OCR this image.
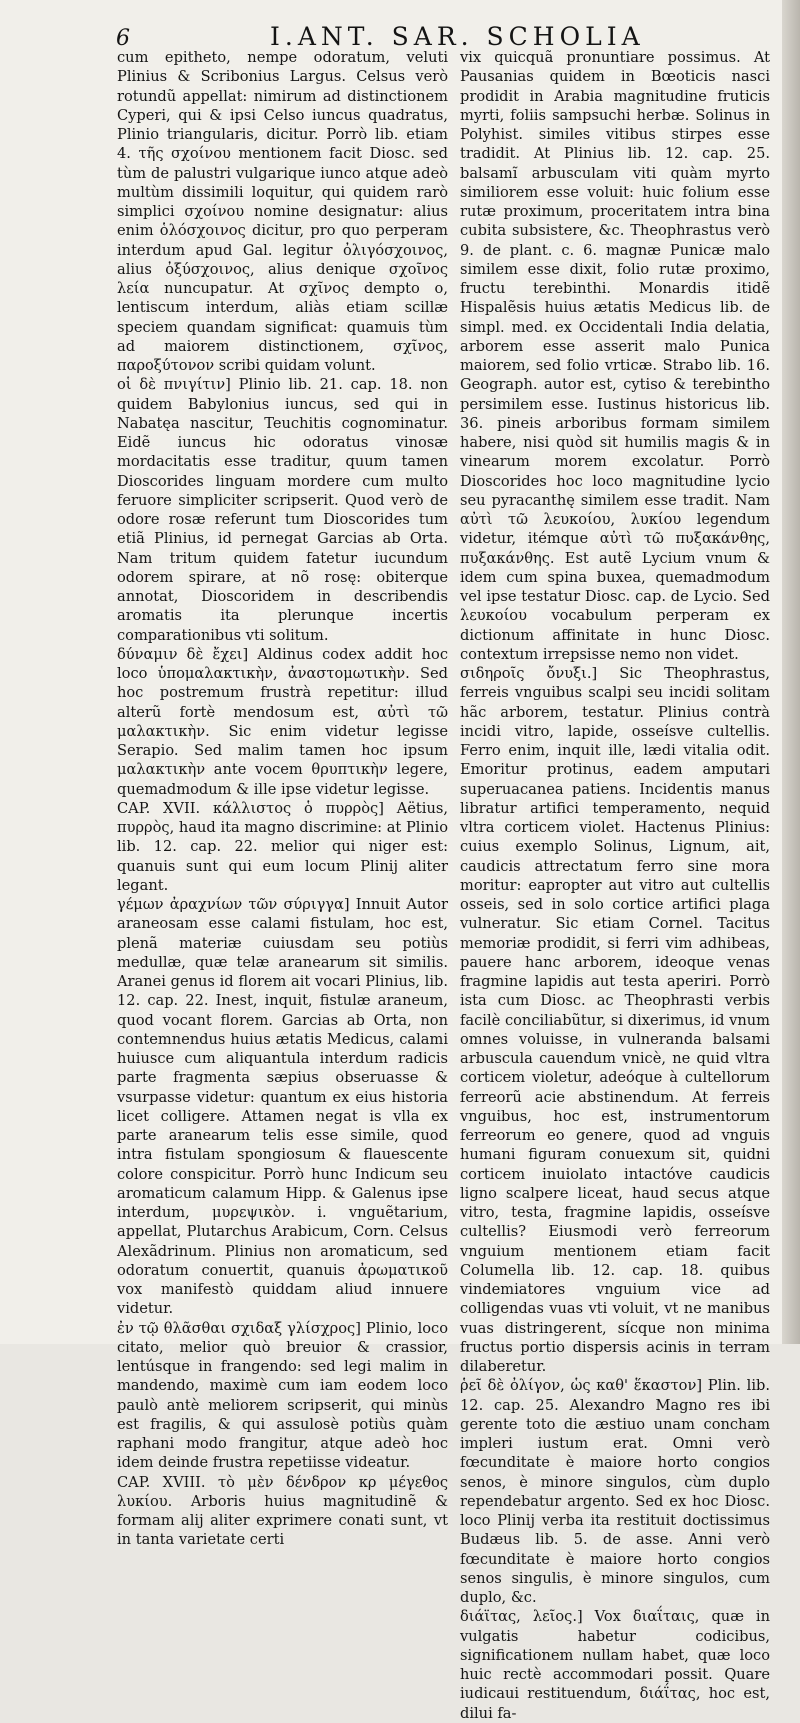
6	I.ANT. SAR. SCHOLIA

cum epitheto, nempe odoratum, veluti Plinius & Scribonius Largus. Celsus verò rotundũ appellat: nimirum ad distinctionem Cyperi, qui & ipsi Celso iuncus quadratus, Plinio triangularis, dicitur. Porrò lib. etiam 4. τῆς σχοίνου mentionem facit Diosc. sed tùm de palustri vulgarique iunco atque adeò multùm dissimili loquitur, qui quidem rarò simplici σχοίνου nomine designatur: alius enim ὁλόσχοινος dicitur, pro quo perperam interdum apud Gal. legitur ὀλιγόσχοινος, alius ὀξύσχοινος, alius denique σχοῖνος λεία nuncupatur. At σχῖνος dempto ο, lentiscum interdum, aliàs etiam scillæ speciem quandam significat: quamuis tùm ad maiorem distinctionem, σχῖνος, παροξύτονον scribi quidam volunt.

οἱ δὲ πνιγίτιν] Plinio lib. 21. cap. 18. non quidem Babylonius iuncus, sed qui in Nabatęa nascitur, Teuchitis cognominatur. Eidẽ iuncus hic odoratus vinosæ mordacitatis esse traditur, quum tamen Dioscorides linguam mordere cum multo feruore simpliciter scripserit. Quod verò de odore rosæ referunt tum Dioscorides tum etiã Plinius, id pernegat Garcias ab Orta. Nam tritum quidem fatetur iucundum odorem spirare, at nõ rosę: obiterque annotat, Dioscoridem in describendis aromatis ita plerunque incertis comparationibus vti solitum.

δύναμιν δὲ ἔχει] Aldinus codex addit hoc loco ὑπομαλακτικὴν, ἀναστομωτικὴν. Sed hoc postremum frustrà repetitur: illud alterũ fortè mendosum est, αὐτὶ τῶ μαλακτικὴν. Sic enim videtur legisse Serapio. Sed malim tamen hoc ipsum μαλακτικὴν ante vocem θρυπτικὴν legere, quemadmodum & ille ipse videtur legisse.

CAP. XVII. κάλλιστος ὁ πυρρὸς] Aëtius, πυρρὸς, haud ita magno discrimine: at Plinio lib. 12. cap. 22. melior qui niger est: quanuis sunt qui eum locum Plinij aliter legant.

γέμων ἀραχνίων τῶν σύριγγα] Innuit Autor araneosam esse calami fistulam, hoc est, plenã materiæ cuiusdam seu potiùs medullæ, quæ telæ aranearum sit similis. Aranei genus id florem ait vocari Plinius, lib. 12. cap. 22. Inest, inquit, fistulæ araneum, quod vocant florem. Garcias ab Orta, non contemnendus huius ætatis Medicus, calami huiusce cum aliquantula interdum radicis parte fragmenta sæpius obseruasse & vsurpasse videtur: quantum ex eius historia licet colligere. Attamen negat is vlla ex parte aranearum telis esse simile, quod intra fistulam spongiosum & flauescente colore conspicitur. Porrò hunc Indicum seu aromaticum calamum Hipp. & Galenus ipse interdum, μυρεψικὸν. i. vnguẽtarium, appellat, Plutarchus Arabicum, Corn. Celsus Alexãdrinum. Plinius non aromaticum, sed odoratum conuertit, quanuis ἀρωματικοῦ vox manifestò quiddam aliud innuere videtur.

ἐν τῷ θλᾶσθαι σχιδαξ γλίσχρος] Plinio, loco citato, melior quò breuior & crassior, lentúsque in frangendo: sed legi malim in mandendo, maximè cum iam eodem loco paulò antè meliorem scripserit, qui minùs est fragilis, & qui assulosè potiùs quàm raphani modo frangitur, atque adeò hoc idem deinde frustra repetiisse videatur.

CAP. XVIII. τὸ μὲν δένδρον κρ μέγεθος λυκίου. Arboris huius magnitudinẽ & formam alij aliter exprimere conati sunt, vt in tanta varietate certi

vix quicquã pronuntiare possimus. At Pausanias quidem in Bœoticis nasci prodidit in Arabia magnitudine fruticis myrti, foliis sampsuchi herbæ. Solinus in Polyhist. similes vitibus stirpes esse tradidit. At Plinius lib. 12. cap. 25. balsamĩ arbusculam viti quàm myrto similiorem esse voluit: huic folium esse rutæ proximum, proceritatem intra bina cubita subsistere, &c. Theophrastus verò 9. de plant. c. 6. magnæ Punicæ malo similem esse dixit, folio rutæ proximo, fructu terebinthi. Monardis itidẽ Hispalẽsis huius ætatis Medicus lib. de simpl. med. ex Occidentali India delatia, arborem esse asserit malo Punica maiorem, sed folio vrticæ. Strabo lib. 16. Geograph. autor est, cytiso & terebintho persimilem esse. Iustinus historicus lib. 36. pineis arboribus formam similem habere, nisi quòd sit humilis magis & in vinearum morem excolatur. Porrò Dioscorides hoc loco magnitudine lycio seu pyracanthę similem esse tradit. Nam αὐτὶ τῶ λευκοίου, λυκίου legendum videtur, itémque αὐτὶ τῶ πυξακάνθης, πυξακάνθης. Est autẽ Lycium vnum & idem cum spina buxea, quemadmodum vel ipse testatur Diosc. cap. de Lycio. Sed λευκοίου vocabulum perperam ex dictionum affinitate in hunc Diosc. contextum irrepsisse nemo non videt.

σιδηροῖς ὄνυξι.] Sic Theophrastus, ferreis vnguibus scalpi seu incidi solitam hãc arborem, testatur. Plinius contrà incidi vitro, lapide, osseísve cultellis. Ferro enim, inquit ille, lædi vitalia odit. Emoritur protinus, eadem amputari superuacanea patiens. Incidentis manus libratur artifici temperamento, nequid vltra corticem violet. Hactenus Plinius: cuius exemplo Solinus, Lignum, ait, caudicis attrectatum ferro sine mora moritur: eapropter aut vitro aut cultellis osseis, sed in solo cortice artifici plaga vulneratur. Sic etiam Cornel. Tacitus memoriæ prodidit, si ferri vim adhibeas, pauere hanc arborem, ideoque venas fragmine lapidis aut testa aperiri. Porrò ista cum Diosc. ac Theophrasti verbis facilè conciliabũtur, si dixerimus, id vnum omnes voluisse, in vulneranda balsami arbuscula cauendum vnicè, ne quid vltra corticem violetur, adeóque à cultellorum ferreorũ acie abstinendum. At ferreis vnguibus, hoc est, instrumentorum ferreorum eo genere, quod ad vnguis humani figuram conuexum sit, quidni corticem inuiolato intactóve caudicis ligno scalpere liceat, haud secus atque vitro, testa, fragmine lapidis, osseísve cultellis? Eiusmodi verò ferreorum vnguium mentionem etiam facit Columella lib. 12. cap. 18. quibus vindemiatores vnguium vice ad colligendas vuas vti voluit, vt ne manibus vuas distringerent, sícque non minima fructus portio dispersis acinis in terram dilaberetur.

ῥεῖ δὲ ὀλίγον, ὡς καθ' ἕκαστον] Plin. lib. 12. cap. 25. Alexandro Magno res ibi gerente toto die æstiuo unam concham impleri iustum erat. Omni verò fœcunditate è maiore horto congios senos, è minore singulos, cùm duplo rependebatur argento. Sed ex hoc Diosc. loco Plinij verba ita restituit doctissimus Budæus lib. 5. de asse. Anni verò fœcunditate è maiore horto congios senos singulis, è minore singulos, cum duplo, &c.

διάϊτας, λεῖος.] Vox διαΐταις, quæ in vulgatis habetur codicibus, significationem nullam habet, quæ loco huic rectè accommodari possit. Quare iudicaui restituendum, διάΐτας, hoc est, dilui fa-
